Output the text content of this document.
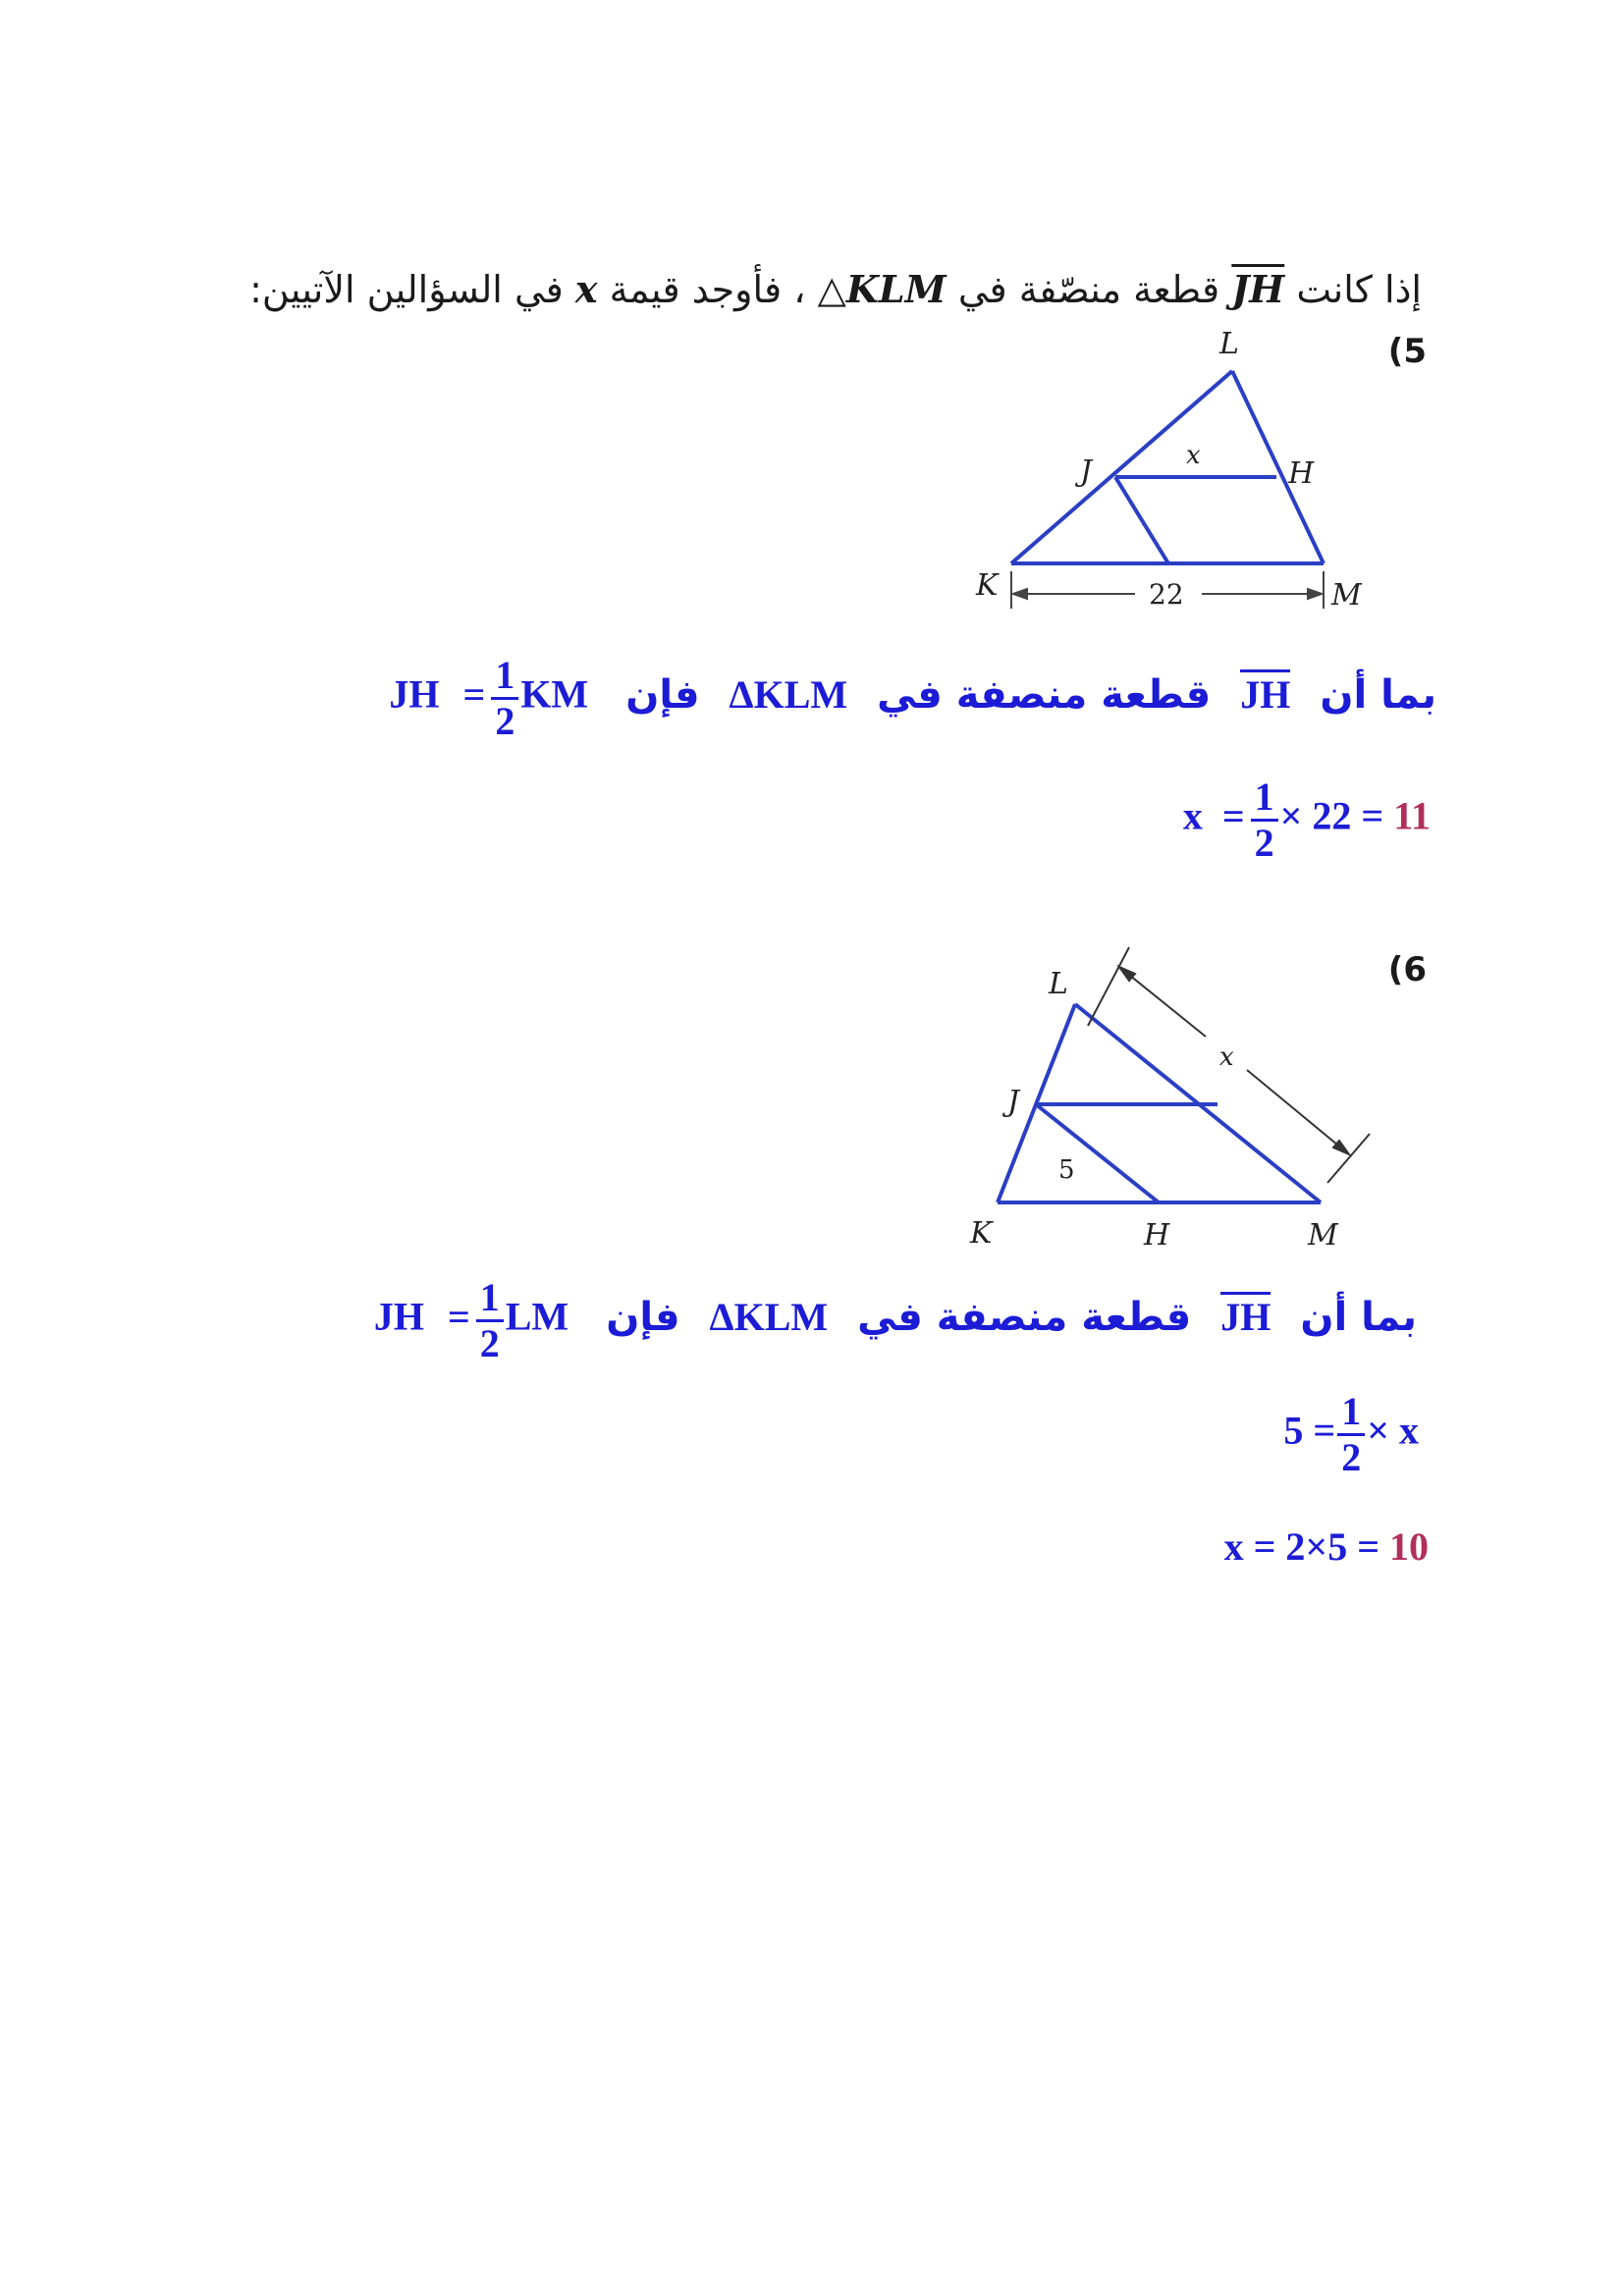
إذا كانت JH قطعة منصّفة في △KLM ، فأوجد قيمة x في السؤالين الآتيين:
(5
L
J	H
K	M
x
22
JH = $\frac{1}{2}$ KM فإن ΔKLM قطعة منصفة في JH بما أن
$x = \frac{1}{2} \times 22 = 11$
(6
L
J
H
K	M
x
5
JH = $\frac{1}{2}$ LM فإن ΔKLM قطعة منصفة في JH بما أن
$5 = \frac{1}{2} \times x$
x = 2×5 = 10
